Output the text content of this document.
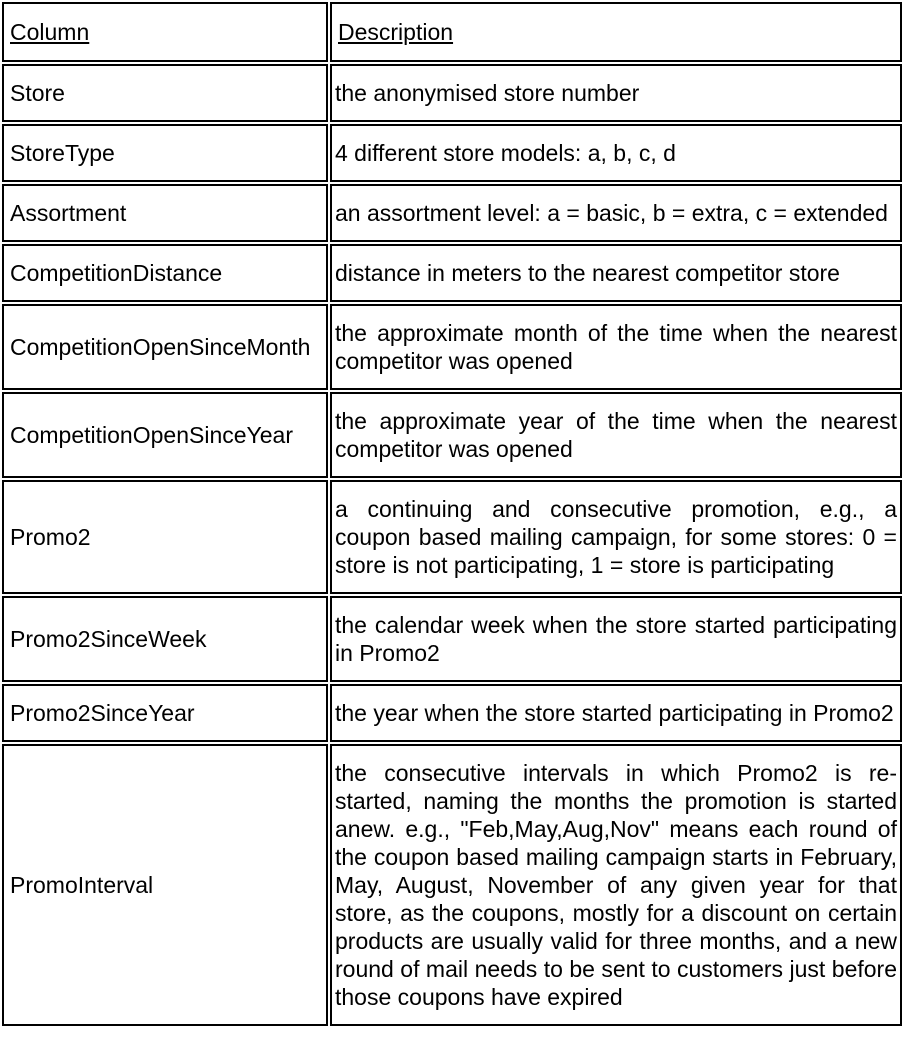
Column	Description
Store	the anonymised store number
StoreType	4 different store models: a, b, c, d
Assortment	an assortment level: a = basic, b = extra, c = extended
CompetitionDistance	distance in meters to the nearest competitor store
CompetitionOpenSinceMonth	the approximate month of the time when the nearest competitor was opened
CompetitionOpenSinceYear	the approximate year of the time when the nearest competitor was opened
Promo2	a continuing and consecutive promotion, e.g., a coupon based mailing campaign, for some stores: 0 = store is not participating, 1 = store is participating
Promo2SinceWeek	the calendar week when the store started participating in Promo2
Promo2SinceYear	the year when the store started participating in Promo2
PromoInterval	the consecutive intervals in which Promo2 is re-started, naming the months the promotion is started anew. e.g., "Feb,May,Aug,Nov" means each round of the coupon based mailing campaign starts in February, May, August, November of any given year for that store, as the coupons, mostly for a discount on certain products are usually valid for three months, and a new round of mail needs to be sent to customers just before those coupons have expired
